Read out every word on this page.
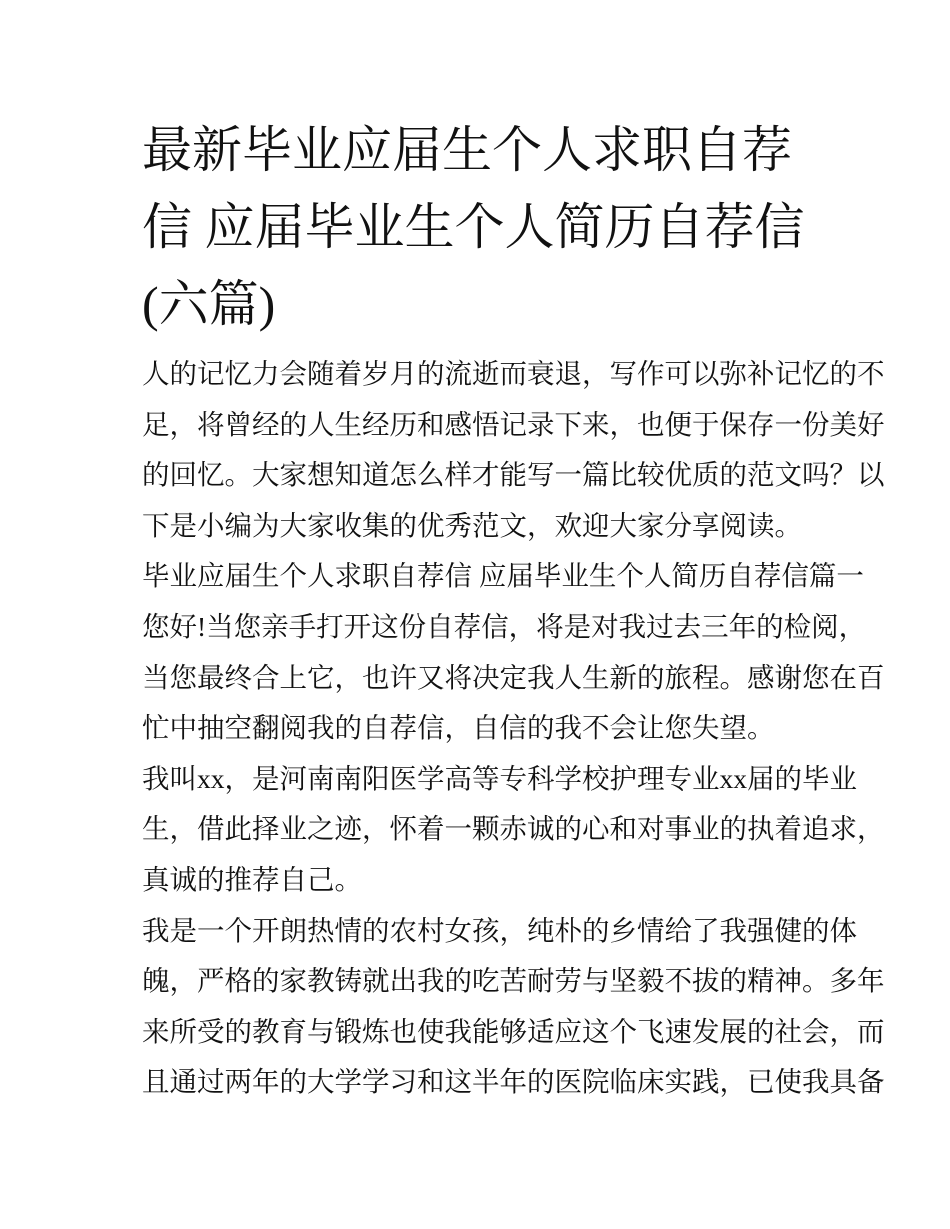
最新毕业应届生个人求职自荐
信 应届毕业生个人简历自荐信
(六篇)
人的记忆力会随着岁月的流逝而衰退，写作可以弥补记忆的不
足，将曾经的人生经历和感悟记录下来，也便于保存一份美好
的回忆。大家想知道怎么样才能写一篇比较优质的范文吗？以
下是小编为大家收集的优秀范文，欢迎大家分享阅读。
毕业应届生个人求职自荐信 应届毕业生个人简历自荐信篇一
您好!当您亲手打开这份自荐信，将是对我过去三年的检阅，
当您最终合上它，也许又将决定我人生新的旅程。感谢您在百
忙中抽空翻阅我的自荐信，自信的我不会让您失望。
我叫xx，是河南南阳医学高等专科学校护理专业xx届的毕业
生，借此择业之迹，怀着一颗赤诚的心和对事业的执着追求，
真诚的推荐自己。
我是一个开朗热情的农村女孩，纯朴的乡情给了我强健的体
魄，严格的家教铸就出我的吃苦耐劳与坚毅不拔的精神。多年
来所受的教育与锻炼也使我能够适应这个飞速发展的社会，而
且通过两年的大学学习和这半年的医院临床实践，已使我具备
